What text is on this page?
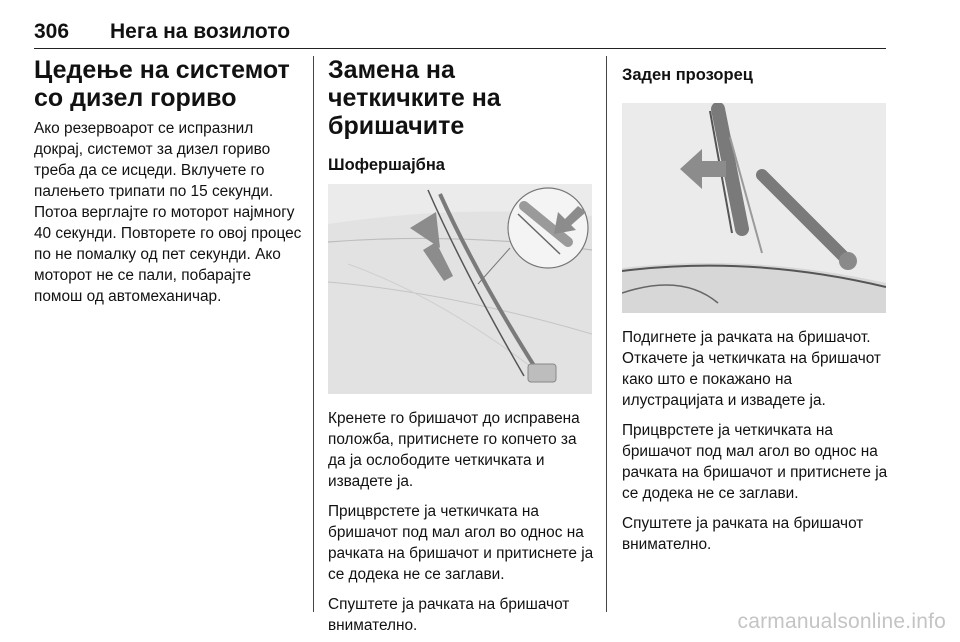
306 Нега на возилото
Цедење на системот со дизел гориво

Ако резервоарот се испразнил докрај, системот за дизел гориво треба да се исцеди. Вклучете го палењето трипати по 15 секунди. Потоа верглајте го моторот најмногу 40 секунди. Повторете го овој процес по не помалку од пет секунди. Ако моторот не се пали, побарајте помош од автомеханичар.

Замена на четкичките на бришачите
Шофершајбна

Кренете го бришачот до исправена положба, притиснете го копчето за да ја ослободите четкичката и извадете ја.

Прицврстете ја четкичката на бришачот под мал агол во однос на рачката на бришачот и притиснете ја се додека не се заглави.

Спуштете ја рачката на бришачот внимателно.

Заден прозорец

Подигнете ја рачката на бришачот. Откачете ја четкичката на бришачот како што е покажано на илустрацијата и извадете ја.

Прицврстете ја четкичката на бришачот под мал агол во однос на рачката на бришачот и притиснете ја се додека не се заглави.

Спуштете ја рачката на бришачот внимателно.

carmanualsonline.info
